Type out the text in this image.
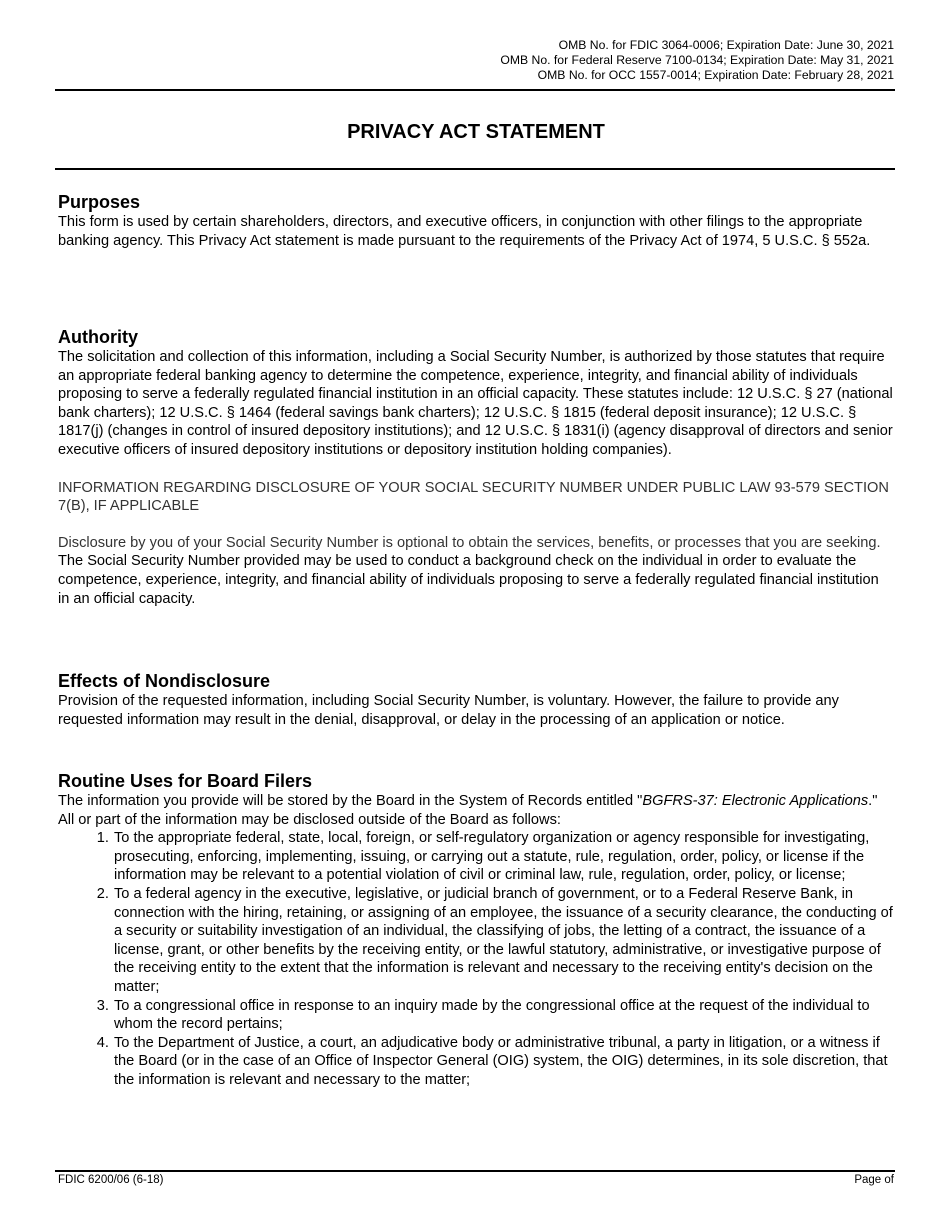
OMB No. for FDIC 3064-0006; Expiration Date: June 30, 2021
OMB No. for Federal Reserve 7100-0134; Expiration Date: May 31, 2021
OMB No. for OCC 1557-0014; Expiration Date: February 28, 2021
PRIVACY ACT STATEMENT
Purposes

This form is used by certain shareholders, directors, and executive officers, in conjunction with other filings to the appropriate banking agency. This Privacy Act statement is made pursuant to the requirements of the Privacy Act of 1974, 5 U.S.C. § 552a.

Authority

The solicitation and collection of this information, including a Social Security Number, is authorized by those statutes that require an appropriate federal banking agency to determine the competence, experience, integrity, and financial ability of individuals proposing to serve a federally regulated financial institution in an official capacity. These statutes include: 12 U.S.C. § 27 (national bank charters); 12 U.S.C. § 1464 (federal savings bank charters); 12 U.S.C. § 1815 (federal deposit insurance); 12 U.S.C. § 1817(j) (changes in control of insured depository institutions); and 12 U.S.C. § 1831(i) (agency disapproval of directors and senior executive officers of insured depository institutions or depository institution holding companies).

INFORMATION REGARDING DISCLOSURE OF YOUR SOCIAL SECURITY NUMBER UNDER PUBLIC LAW 93-579 SECTION 7(B), IF APPLICABLE

Disclosure by you of your Social Security Number is optional to obtain the services, benefits, or processes that you are seeking. The Social Security Number provided may be used to conduct a background check on the individual in order to evaluate the competence, experience, integrity, and financial ability of individuals proposing to serve a federally regulated financial institution in an official capacity.

Effects of Nondisclosure

Provision of the requested information, including Social Security Number, is voluntary. However, the failure to provide any requested information may result in the denial, disapproval, or delay in the processing of an application or notice.

Routine Uses for Board Filers

The information you provide will be stored by the Board in the System of Records entitled "BGFRS-37: Electronic Applications." All or part of the information may be disclosed outside of the Board as follows:

1. To the appropriate federal, state, local, foreign, or self-regulatory organization or agency responsible for investigating, prosecuting, enforcing, implementing, issuing, or carrying out a statute, rule, regulation, order, policy, or license if the information may be relevant to a potential violation of civil or criminal law, rule, regulation, order, policy, or license;
2. To a federal agency in the executive, legislative, or judicial branch of government, or to a Federal Reserve Bank, in connection with the hiring, retaining, or assigning of an employee, the issuance of a security clearance, the conducting of a security or suitability investigation of an individual, the classifying of jobs, the letting of a contract, the issuance of a license, grant, or other benefits by the receiving entity, or the lawful statutory, administrative, or investigative purpose of the receiving entity to the extent that the information is relevant and necessary to the receiving entity's decision on the matter;
3. To a congressional office in response to an inquiry made by the congressional office at the request of the individual to whom the record pertains;
4. To the Department of Justice, a court, an adjudicative body or administrative tribunal, a party in litigation, or a witness if the Board (or in the case of an Office of Inspector General (OIG) system, the OIG) determines, in its sole discretion, that the information is relevant and necessary to the matter;
FDIC 6200/06 (6-18)	Page of
